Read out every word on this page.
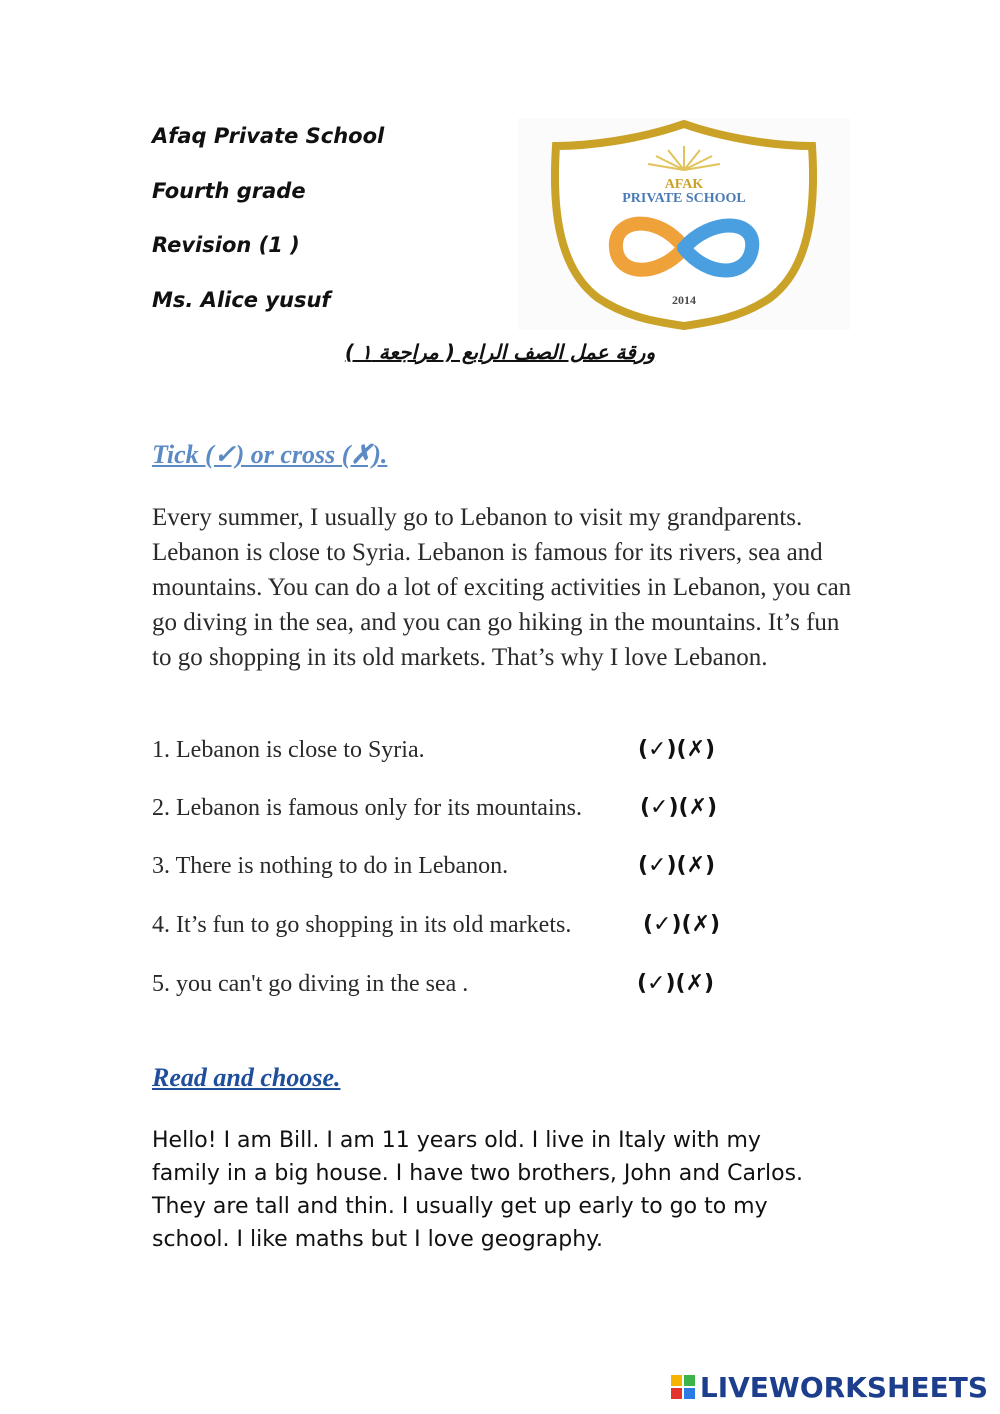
Afaq Private School
Fourth grade
Revision (1 )
Ms. Alice yusuf
AFAK
PRIVATE SCHOOL
2014
ورقة عمل الصف الرابع ( مراجعة ١ )
Tick (✓) or cross (✗).
Every summer, I usually go to Lebanon to visit my grandparents. Lebanon is close to Syria. Lebanon is famous for its rivers, sea and mountains. You can do a lot of exciting activities in Lebanon, you can go diving in the sea, and you can go hiking in the mountains. It’s fun to go shopping in its old markets. That’s why I love Lebanon.
1. Lebanon is close to Syria.	(✓)(✗)
2. Lebanon is famous only for its mountains.	(✓)(✗)
3. There is nothing to do in Lebanon.	(✓)(✗)
4. It’s fun to go shopping in its old markets.	(✓)(✗)
5. you can't go diving in the sea .	(✓)(✗)
Read and choose.
Hello! I am Bill. I am 11 years old. I live in Italy with my family in a big house. I have two brothers, John and Carlos. They are tall and thin. I usually get up early to go to my school. I like maths but I love geography.
LIVEWORKSHEETS
